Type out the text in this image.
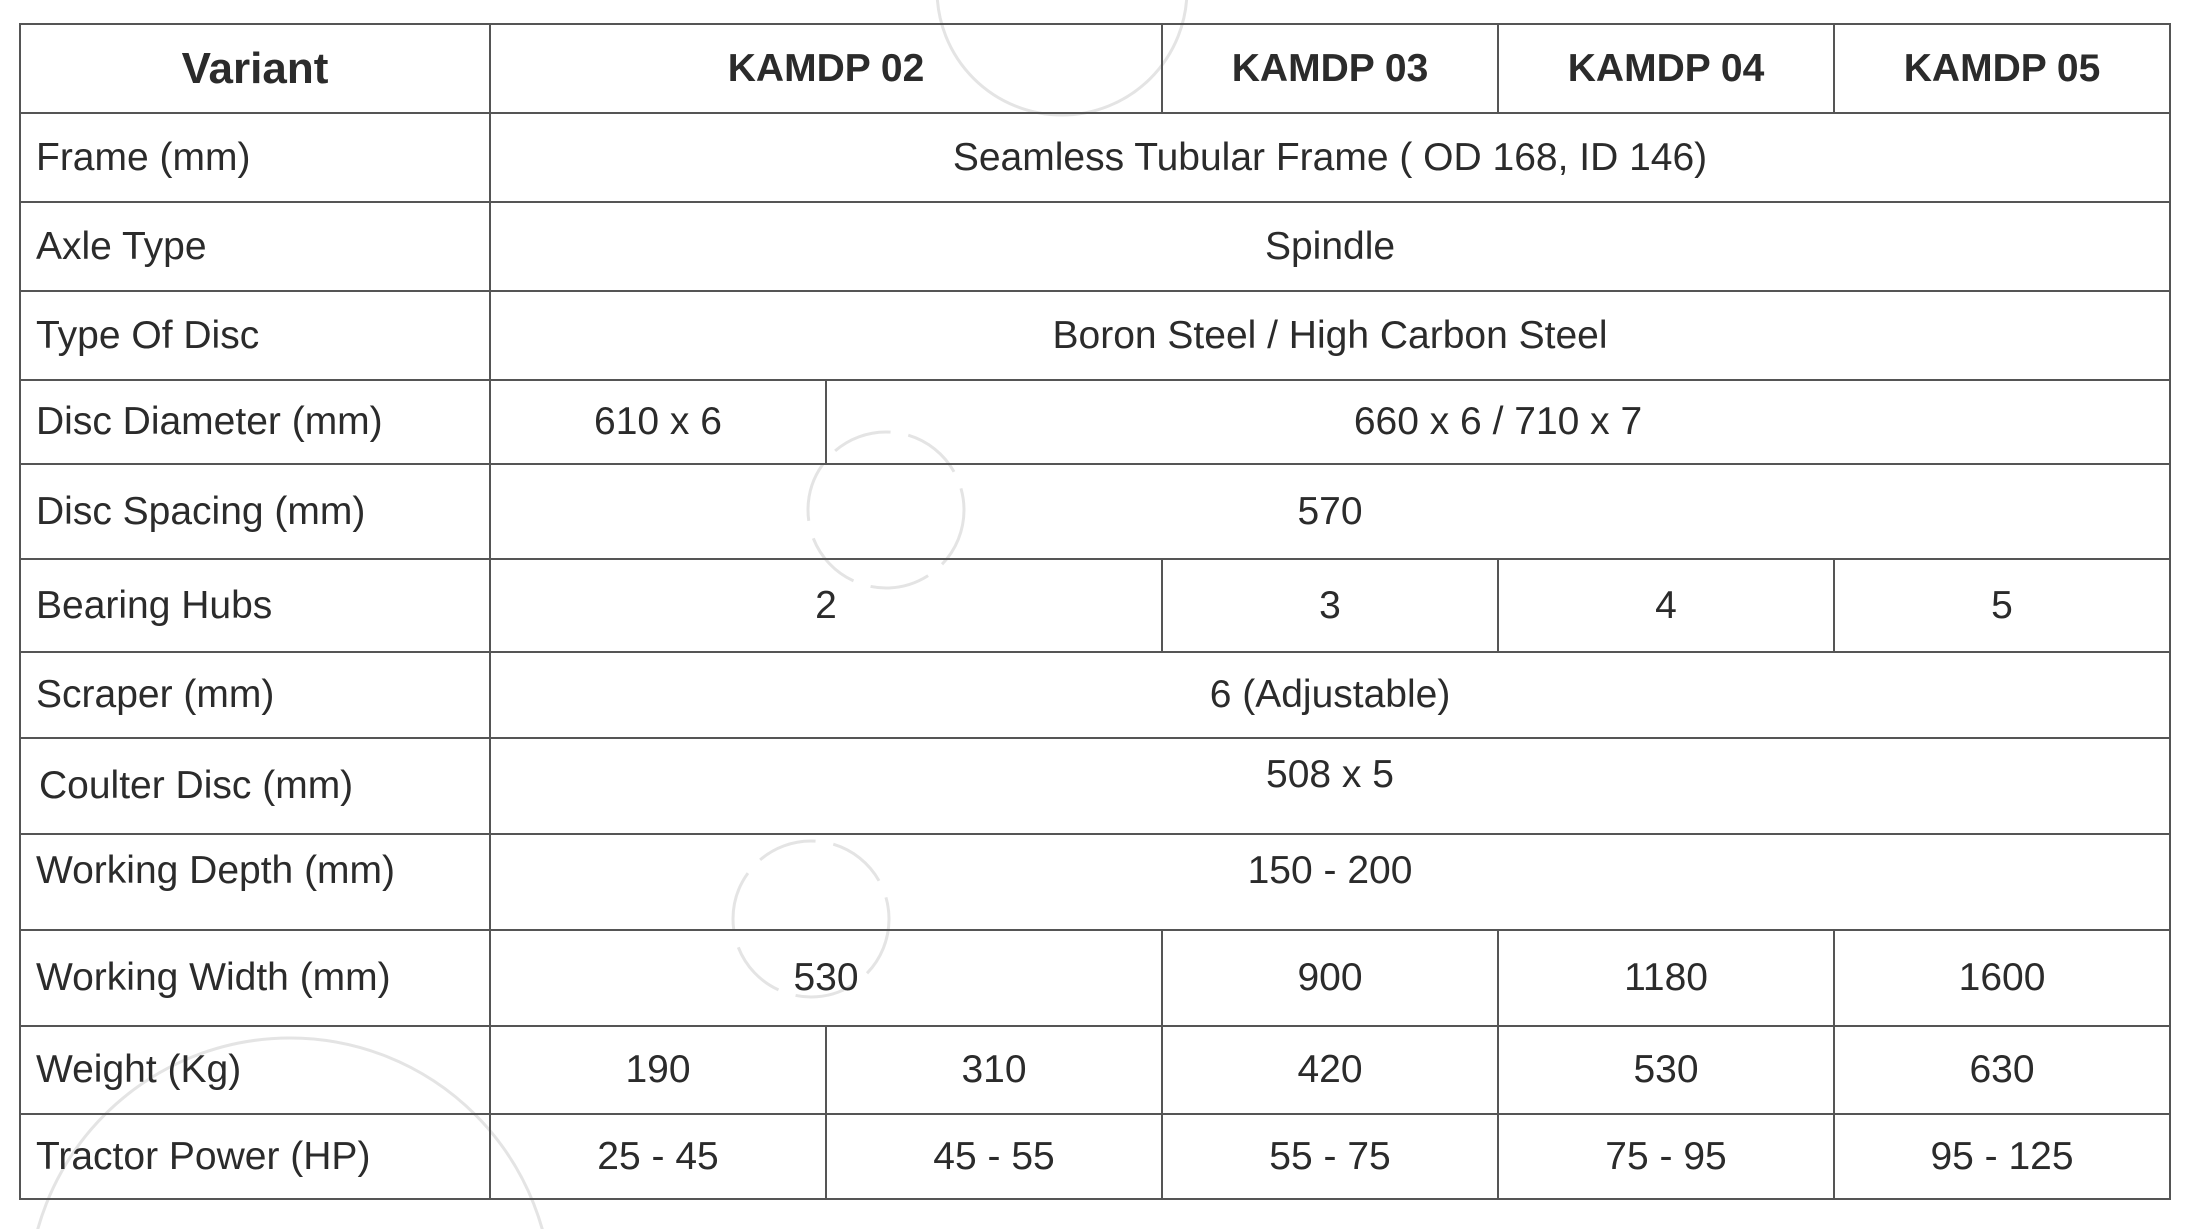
Variant	KAMDP 02		KAMDP 03	KAMDP 04	KAMDP 05
Frame (mm)	Seamless Tubular Frame ( OD 168, ID 146)				
Axle Type	Spindle				
Type Of Disc	Boron Steel / High Carbon Steel				
Disc Diameter (mm)	610 x 6	660 x 6 / 710 x 7			
Disc Spacing (mm)	570				
Bearing Hubs	2		3	4	5
Scraper (mm)	6 (Adjustable)				
Coulter Disc (mm)	508 x 5				
Working Depth (mm)	150 - 200				
Working Width (mm)	530		900	1180	1600
Weight (Kg)	190	310	420	530	630
Tractor Power (HP)	25 - 45	45 - 55	55 - 75	75 - 95	95 - 125
